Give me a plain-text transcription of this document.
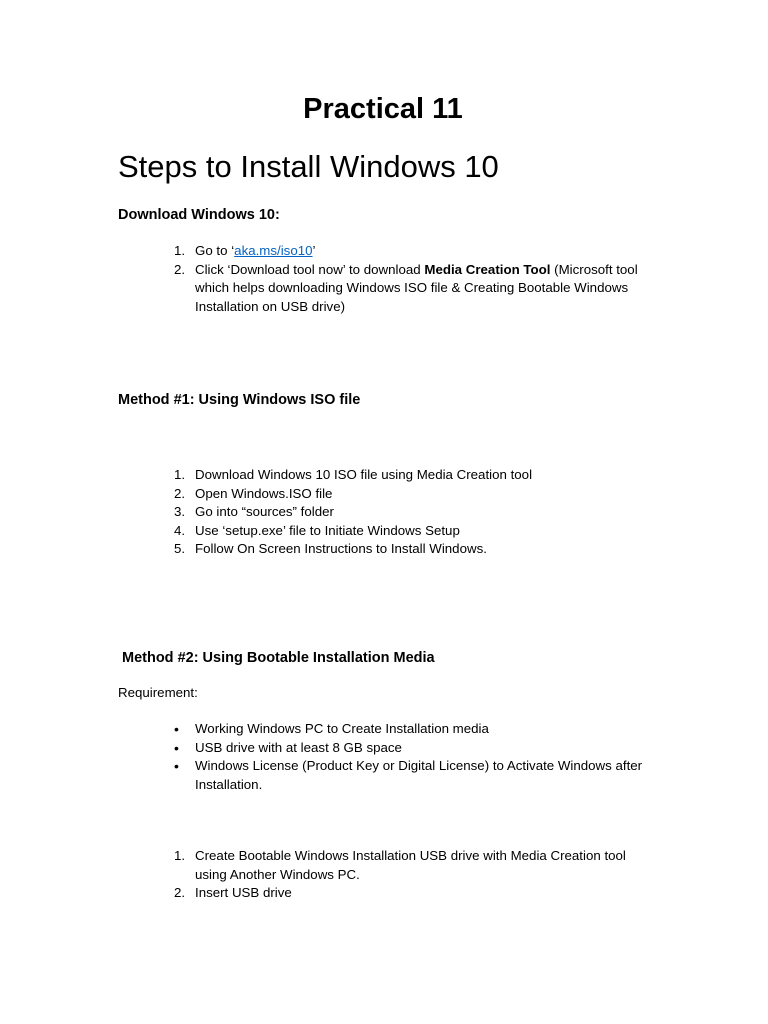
Practical 11
Steps to Install Windows 10
Download Windows 10:
1. Go to ‘aka.ms/iso10’
2. Click ‘Download tool now’ to download Media Creation Tool (Microsoft tool which helps downloading Windows ISO file & Creating Bootable Windows Installation on USB drive)
Method #1: Using Windows ISO file
1. Download Windows 10 ISO file using Media Creation tool
2. Open Windows.ISO file
3. Go into “sources” folder
4. Use ‘setup.exe’ file to Initiate Windows Setup
5. Follow On Screen Instructions to Install Windows.
Method #2: Using Bootable Installation Media
Requirement:
•	Working Windows PC to Create Installation media
•	USB drive with at least 8 GB space
•	Windows License (Product Key or Digital License) to Activate Windows after Installation.
1. Create Bootable Windows Installation USB drive with Media Creation tool using Another Windows PC.
2. Insert USB drive
